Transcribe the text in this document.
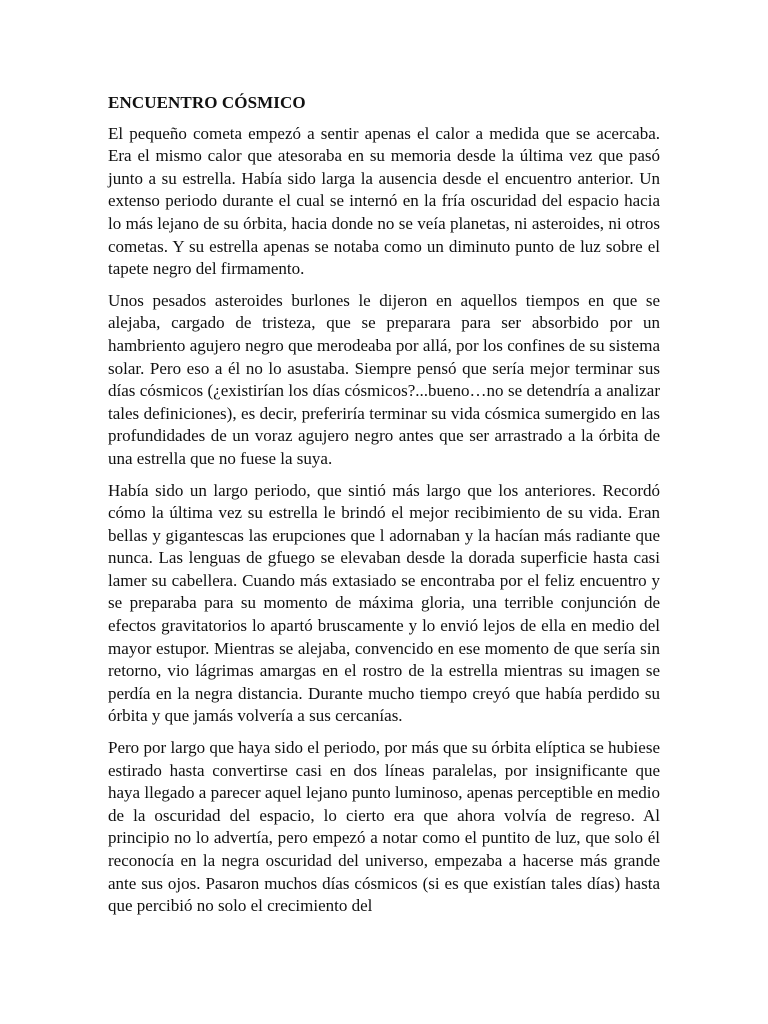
ENCUENTRO CÓSMICO

El pequeño cometa empezó a sentir apenas el calor a medida que se acercaba. Era el mismo calor que atesoraba en su memoria desde la última vez que pasó junto a su estrella. Había sido larga la ausencia desde el encuentro anterior. Un extenso periodo durante el cual se internó en la fría oscuridad del espacio hacia lo más lejano de su órbita, hacia donde no se veía planetas, ni asteroides, ni otros cometas. Y su estrella apenas se notaba como un diminuto punto de luz sobre el tapete negro del firmamento.

Unos pesados asteroides burlones le dijeron en aquellos tiempos en que se alejaba, cargado de tristeza, que se preparara para ser absorbido por un hambriento agujero negro que merodeaba por allá, por los confines de su sistema solar. Pero eso a él no lo asustaba. Siempre pensó que sería mejor terminar sus días cósmicos (¿existirían los días cósmicos?...bueno…no se detendría a analizar tales definiciones), es decir, preferiría terminar su vida cósmica sumergido en las profundidades de un voraz agujero negro antes que ser arrastrado a la órbita de una estrella que no fuese la suya.

Había sido un largo periodo, que sintió más largo que los anteriores. Recordó cómo la última vez su estrella le brindó el mejor recibimiento de su vida. Eran bellas y gigantescas las erupciones que l adornaban y la hacían más radiante que nunca. Las lenguas de gfuego se elevaban desde la dorada superficie hasta casi lamer su cabellera. Cuando más extasiado se encontraba por el feliz encuentro y se preparaba para su momento de máxima gloria, una terrible conjunción de efectos gravitatorios lo apartó bruscamente y lo envió lejos de ella en medio del mayor estupor. Mientras se alejaba, convencido en ese momento de que sería sin retorno, vio lágrimas amargas en el rostro de la estrella mientras su imagen se perdía en la negra distancia. Durante mucho tiempo creyó que había perdido su órbita y que jamás volvería a sus cercanías.

Pero por largo que haya sido el periodo, por más que su órbita elíptica se hubiese estirado hasta convertirse casi en dos líneas paralelas, por insignificante que haya llegado a parecer aquel lejano punto luminoso, apenas perceptible en medio de la oscuridad del espacio, lo cierto era que ahora volvía de regreso. Al principio no lo advertía, pero empezó a notar como el puntito de luz, que solo él reconocía en la negra oscuridad del universo, empezaba a hacerse más grande ante sus ojos. Pasaron muchos días cósmicos (si es que existían tales días) hasta que percibió no solo el crecimiento del
